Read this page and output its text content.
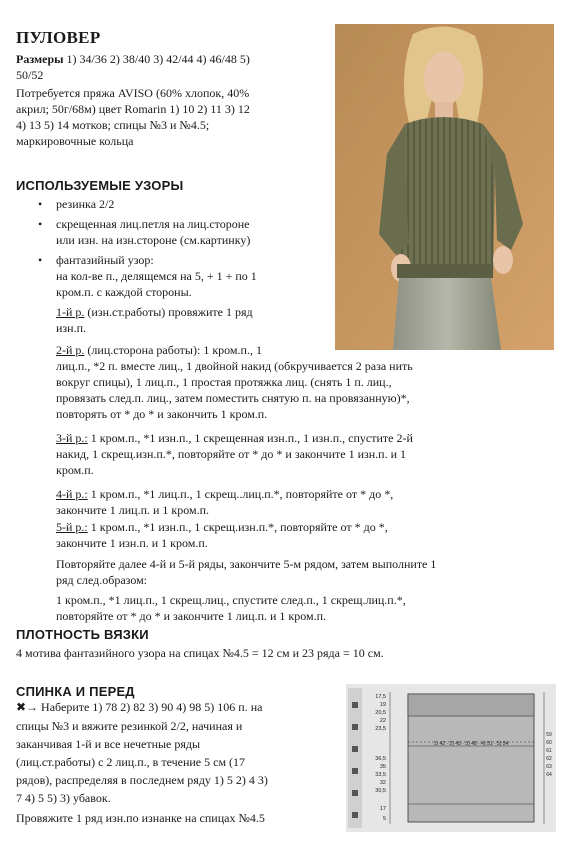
ПУЛОВЕР
Размеры 1) 34/36 2) 38/40 3) 42/44 4) 46/48 5)
50/52
Потребуется пряжа AVISO (60% хлопок, 40%
акрил; 50г/68м) цвет Romarin 1) 10 2) 11 3) 12
4) 13 5) 14 мотков; спицы №3 и №4.5;
маркировочные кольца
ИСПОЛЬЗУЕМЫЕ УЗОРЫ
• резинка 2/2
• скрещенная лиц.петля на лиц.стороне
или изн. на изн.стороне (см.картинку)
• фантазийный узор:
на кол-ве п., делящемся на 5, + 1 + по 1
кром.п. с каждой стороны.
1-й р. (изн.ст.работы) провяжите 1 ряд
изн.п.
2-й р. (лиц.сторона работы): 1 кром.п., 1
лиц.п., *2 п. вместе лиц., 1 двойной накид (обкручивается 2 раза нить
вокруг спицы), 1 лиц.п., 1 простая протяжка лиц. (снять 1 п. лиц.,
провязать след.п. лиц., затем поместить снятую п. на провязанную)*,
повторять от * до * и закончить 1 кром.п.
3-й р.: 1 кром.п., *1 изн.п., 1 скрещенная изн.п., 1 изн.п., спустите 2-й
накид, 1 скрещ.изн.п.*, повторяйте от * до * и закончите 1 изн.п. и 1
кром.п.
4-й р.: 1 кром.п., *1 лиц.п., 1 скрещ..лиц.п.*, повторяйте от * до *,
закончите 1 лиц.п. и 1 кром.п.
5-й р.: 1 кром.п., *1 изн.п., 1 скрещ.изн.п.*, повторяйте от * до *,
закончите 1 изн.п. и 1 кром.п.
Повторяйте далее 4-й и 5-й ряды, закончите 5-м рядом, затем выполните 1
ряд след.образом:
1 кром.п., *1 лиц.п., 1 скрещ.лиц., спустите след.п., 1 скрещ.лиц.п.*,
повторяйте от * до * и закончите 1 лиц.п. и 1 кром.п.
ПЛОТНОСТЬ ВЯЗКИ
4 мотива фантазийного узора на спицах №4.5 = 12 см и 23 ряда = 10 см.
СПИНКА И ПЕРЕД
✖→ Наберите 1) 78 2) 82 3) 90 4) 98 5) 106 п. на
спицы №3 и вяжите резинкой 2/2, начиная и
заканчивая 1-й и все нечетные ряды
(лиц.ст.работы) с 2 лиц.п., в течение 5 см (17
рядов), распределяя в последнем ряду 1) 5 2) 4 3)
7 4) 5 5) 3) убавок.
Провяжите 1 ряд изн.по изнанке на спицах №4.5
17,5
19
20,5
22
23,5
36,5
35
33,5
32
30,5
17
5
1) 42 · 2) 45 · 3) 48 · 4) 51 · 5) 54
59
60
61
62
63
64
